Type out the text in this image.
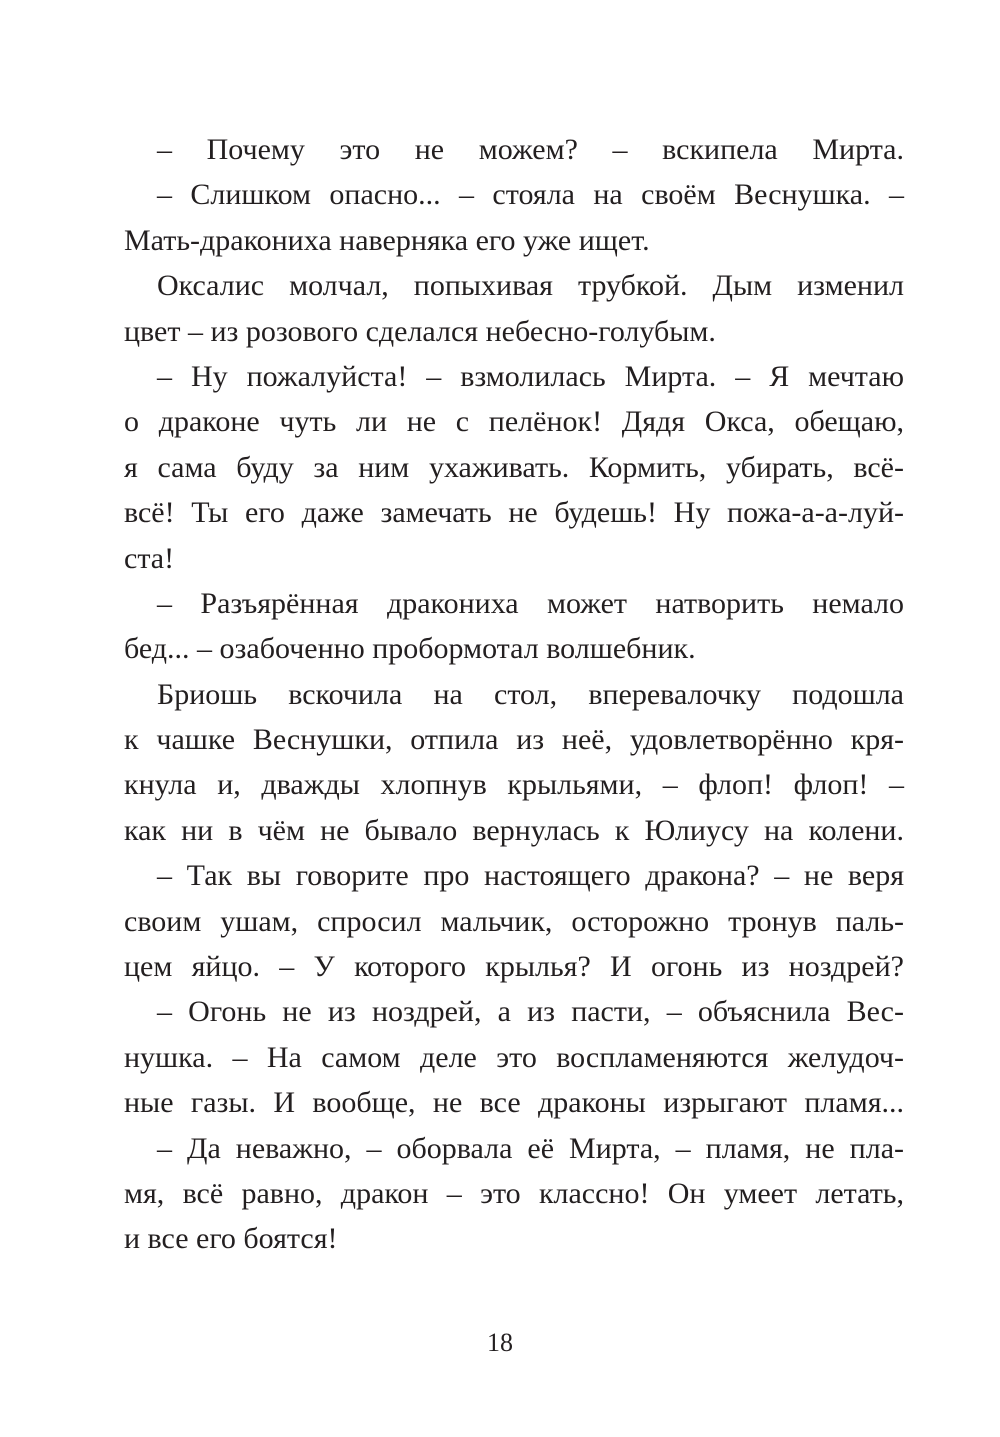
– Почему это не можем? – вскипела Мирта.
– Слишком опасно... – стояла на своём Веснушка. –
Мать-дракониха наверняка его уже ищет.
Оксалис молчал, попыхивая трубкой. Дым изменил
цвет – из розового сделался небесно-голубым.
– Ну пожалуйста! – взмолилась Мирта. – Я мечтаю
о драконе чуть ли не с пелёнок! Дядя Окса, обещаю,
я сама буду за ним ухаживать. Кормить, убирать, всё-
всё! Ты его даже замечать не будешь! Ну пожа-а-а-луй-
ста!
– Разъярённая дракониха может натворить немало
бед... – озабоченно пробормотал волшебник.
Бриошь вскочила на стол, вперевалочку подошла
к чашке Веснушки, отпила из неё, удовлетворённо кря-
кнула и, дважды хлопнув крыльями, – флоп! флоп! –
как ни в чём не бывало вернулась к Юлиусу на колени.
– Так вы говорите про настоящего дракона? – не веря
своим ушам, спросил мальчик, осторожно тронув паль-
цем яйцо. – У которого крылья? И огонь из ноздрей?
– Огонь не из ноздрей, а из пасти, – объяснила Вес-
нушка. – На самом деле это воспламеняются желудоч-
ные газы. И вообще, не все драконы изрыгают пламя...
– Да неважно, – оборвала её Мирта, – пламя, не пла-
мя, всё равно, дракон – это классно! Он умеет летать,
и все его боятся!
18
